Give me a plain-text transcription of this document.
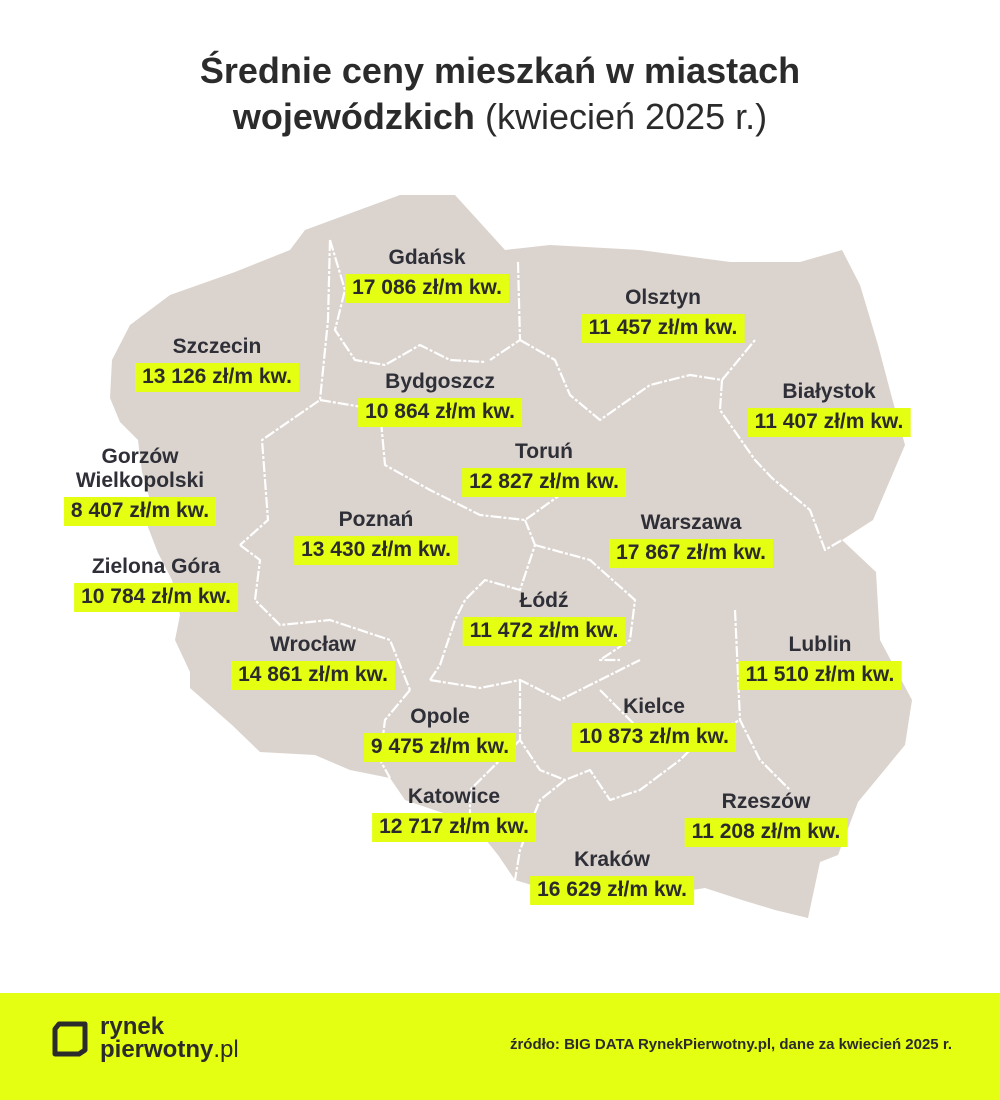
Średnie ceny mieszkań w miastach
wojewódzkich (kwiecień 2025 r.)
Gdańsk
17 086 zł/m kw.	Olsztyn
11 457 zł/m kw.
Szczecin
13 126 zł/m kw.	Bydgoszcz
10 864 zł/m kw.
Białystok
11 407 zł/m kw.
Toruń
12 827 zł/m kw.
Gorzów
Wielkopolski
8 407 zł/m kw.	Poznań
13 430 zł/m kw.
Warszawa
17 867 zł/m kw.
Zielona Góra
10 784 zł/m kw.	Łódź
11 472 zł/m kw.
Wrocław
14 861 zł/m kw.
Lublin
11 510 zł/m kw.
Opole
9 475 zł/m kw.
Kielce
10 873 zł/m kw.
Katowice
12 717 zł/m kw.
Rzeszów
11 208 zł/m kw.
Kraków
16 629 zł/m kw.
rynek
pierwotny.pl	źródło: BIG DATA RynekPierwotny.pl, dane za kwiecień 2025 r.
